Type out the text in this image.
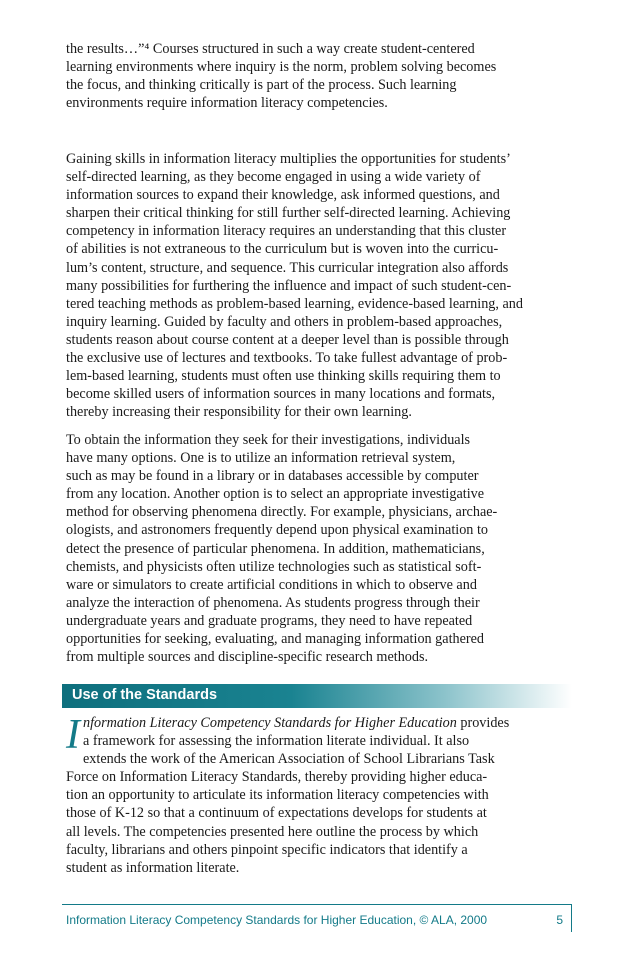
the results…”⁴ Courses structured in such a way create student-centered
learning environments where inquiry is the norm, problem solving becomes
the focus, and thinking critically is part of the process. Such learning
environments require information literacy competencies.

Gaining skills in information literacy multiplies the opportunities for students’
self-directed learning, as they become engaged in using a wide variety of
information sources to expand their knowledge, ask informed questions, and
sharpen their critical thinking for still further self-directed learning. Achieving
competency in information literacy requires an understanding that this cluster
of abilities is not extraneous to the curriculum but is woven into the curricu-
lum’s content, structure, and sequence. This curricular integration also affords
many possibilities for furthering the influence and impact of such student-cen-
tered teaching methods as problem-based learning, evidence-based learning, and
inquiry learning. Guided by faculty and others in problem-based approaches,
students reason about course content at a deeper level than is possible through
the exclusive use of lectures and textbooks. To take fullest advantage of prob-
lem-based learning, students must often use thinking skills requiring them to
become skilled users of information sources in many locations and formats,
thereby increasing their responsibility for their own learning.

To obtain the information they seek for their investigations, individuals
have many options. One is to utilize an information retrieval system,
such as may be found in a library or in databases accessible by computer
from any location. Another option is to select an appropriate investigative
method for observing phenomena directly. For example, physicians, archae-
ologists, and astronomers frequently depend upon physical examination to
detect the presence of particular phenomena. In addition, mathematicians,
chemists, and physicists often utilize technologies such as statistical soft-
ware or simulators to create artificial conditions in which to observe and
analyze the interaction of phenomena. As students progress through their
undergraduate years and graduate programs, they need to have repeated
opportunities for seeking, evaluating, and managing information gathered
from multiple sources and discipline-specific research methods.

Use of the Standards
I nformation Literacy Competency Standards for Higher Education provides
a framework for assessing the information literate individual. It also
extends the work of the American Association of School Librarians Task
Force on Information Literacy Standards, thereby providing higher educa-
tion an opportunity to articulate its information literacy competencies with
those of K-12 so that a continuum of expectations develops for students at
all levels. The competencies presented here outline the process by which
faculty, librarians and others pinpoint specific indicators that identify a
student as information literate.
Information Literacy Competency Standards for Higher Education, © ALA, 2000	5
